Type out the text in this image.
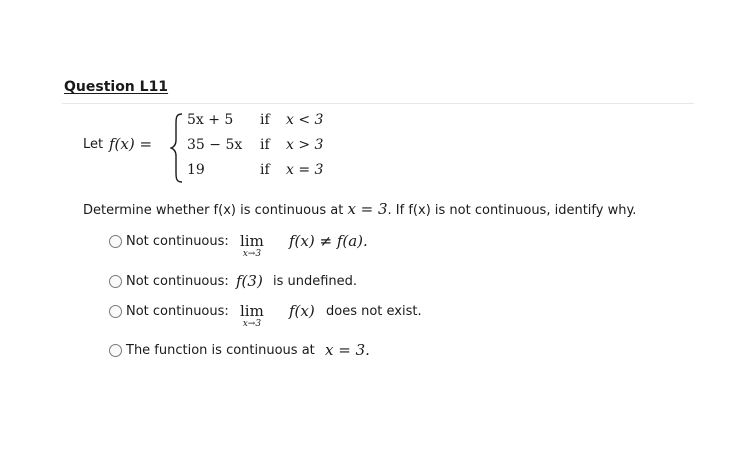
Question L11
Let f(x) =
5x + 5 if x < 3
35 − 5x if x > 3
19	if x = 3
Determine whether f(x) is continuous at x = 3. If f(x) is not continuous, identify why.
Not continuous: lim
x→3
f(x) ≠ f(a).
Not continuous: f(3) is undefined.
Not continuous: lim
x→3
f(x) does not exist.
The function is continuous at x = 3.
